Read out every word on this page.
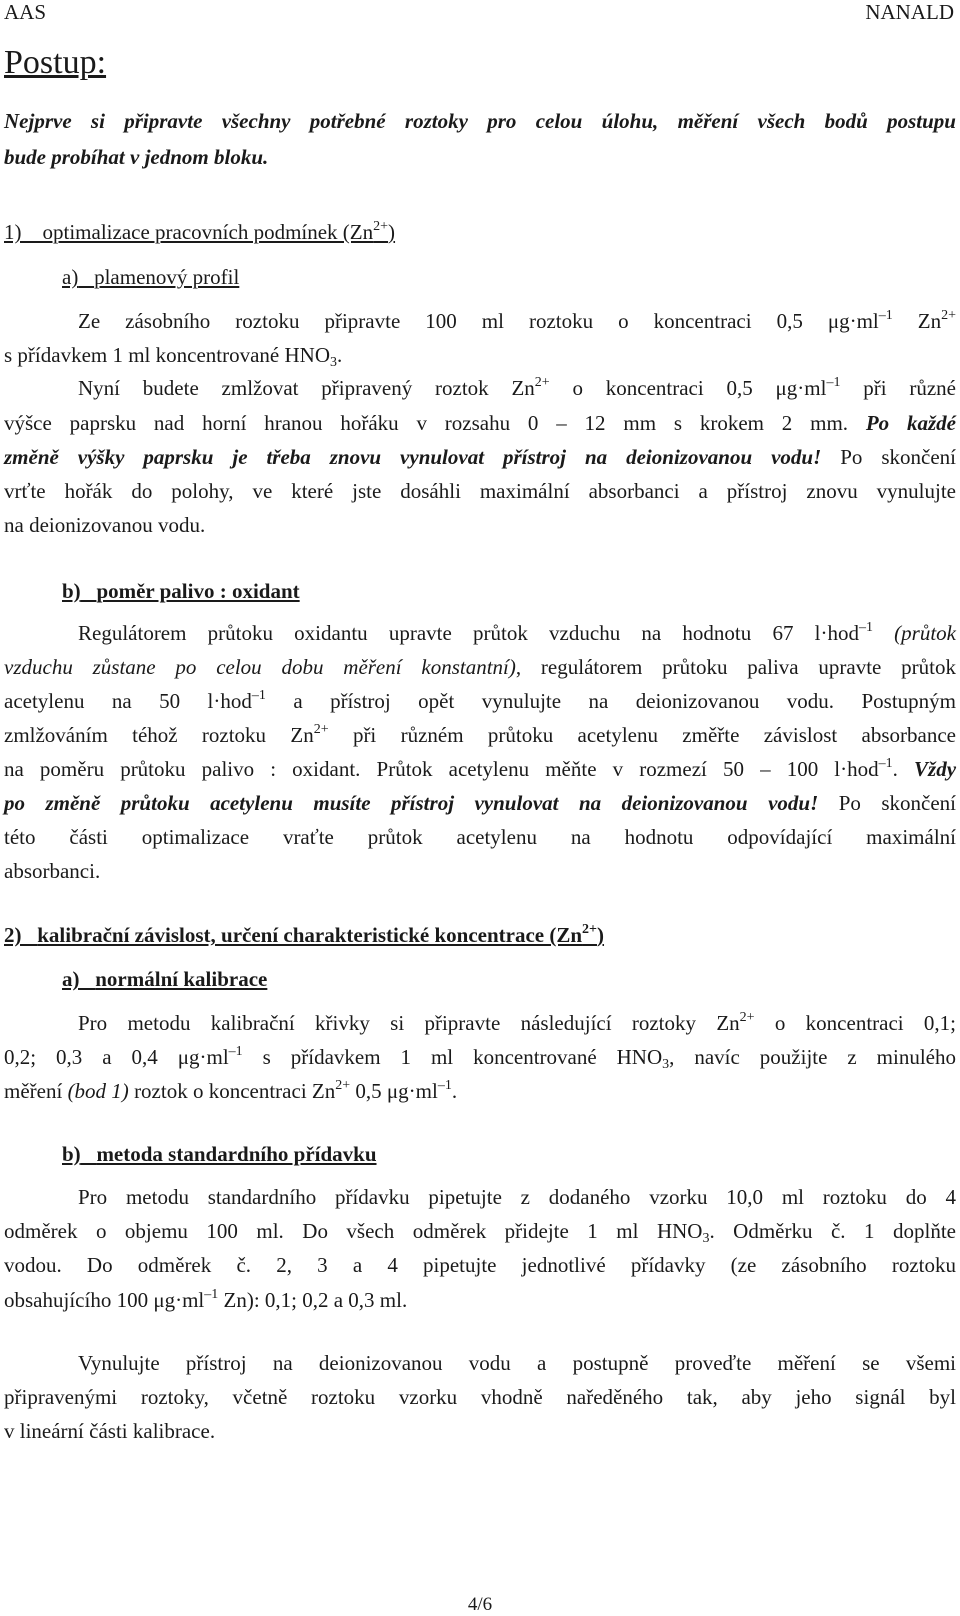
AAS	NANALD
Postup:
Nejprve si připravte všechny potřebné roztoky pro celou úlohu, měření všech bodů postupu
bude probíhat v jednom bloku.
1) optimalizace pracovních podmínek $(Zn^{2+})$
a) plamenový profil
Ze zásobního roztoku připravte 100 ml roztoku o koncentraci 0,5 $\mu g\cdot ml^{-1}$ $Zn^{2+}$
s přídavkem 1 ml koncentrované $HNO_3$.
Nyní budete zmlžovat připravený roztok $Zn^{2+}$ o koncentraci 0,5 $\mu g\cdot ml^{-1}$ při různé
výšce paprsku nad horní hranou hořáku v rozsahu 0 – 12 mm s krokem 2 mm. Po každé
změně výšky paprsku je třeba znovu vynulovat přístroj na deionizovanou vodu! Po skončení
vrťte hořák do polohy, ve které jste dosáhli maximální absorbanci a přístroj znovu vynulujte
na deionizovanou vodu.
b) poměr palivo : oxidant
Regulátorem průtoku oxidantu upravte průtok vzduchu na hodnotu 67 l·hod$^{-1}$ (průtok
vzduchu zůstane po celou dobu měření konstantní), regulátorem průtoku paliva upravte průtok
acetylenu na 50 l·hod$^{-1}$ a přístroj opět vynulujte na deionizovanou vodu. Postupným
zmlžováním téhož roztoku $Zn^{2+}$ při různém průtoku acetylenu změřte závislost absorbance
na poměru průtoku palivo : oxidant. Průtok acetylenu měňte v rozmezí 50 – 100 l·hod$^{-1}$. Vždy
po změně průtoku acetylenu musíte přístroj vynulovat na deionizovanou vodu! Po skončení
této části optimalizace vraťte průtok acetylenu na hodnotu odpovídající maximální
absorbanci.
2) kalibrační závislost, určení charakteristické koncentrace $(Zn^{2+})$
a) normální kalibrace
Pro metodu kalibrační křivky si připravte následující roztoky $Zn^{2+}$ o koncentraci 0,1;
0,2; 0,3 a 0,4 $\mu g\cdot ml^{-1}$ s přídavkem 1 ml koncentrované $HNO_3$, navíc použijte z minulého
měření (bod 1) roztok o koncentraci $Zn^{2+}$ 0,5 $\mu g\cdot ml^{-1}$.
b) metoda standardního přídavku
Pro metodu standardního přídavku pipetujte z dodaného vzorku 10,0 ml roztoku do 4
odměrek o objemu 100 ml. Do všech odměrek přidejte 1 ml $HNO_3$. Odměrku č. 1 doplňte
vodou. Do odměrek č. 2, 3 a 4 pipetujte jednotlivé přídavky (ze zásobního roztoku
obsahujícího 100 $\mu g\cdot ml^{-1}$ Zn): 0,1; 0,2 a 0,3 ml.
Vynulujte přístroj na deionizovanou vodu a postupně proveďte měření se všemi
připravenými roztoky, včetně roztoku vzorku vhodně naředěného tak, aby jeho signál byl
v lineární části kalibrace.
4/6
